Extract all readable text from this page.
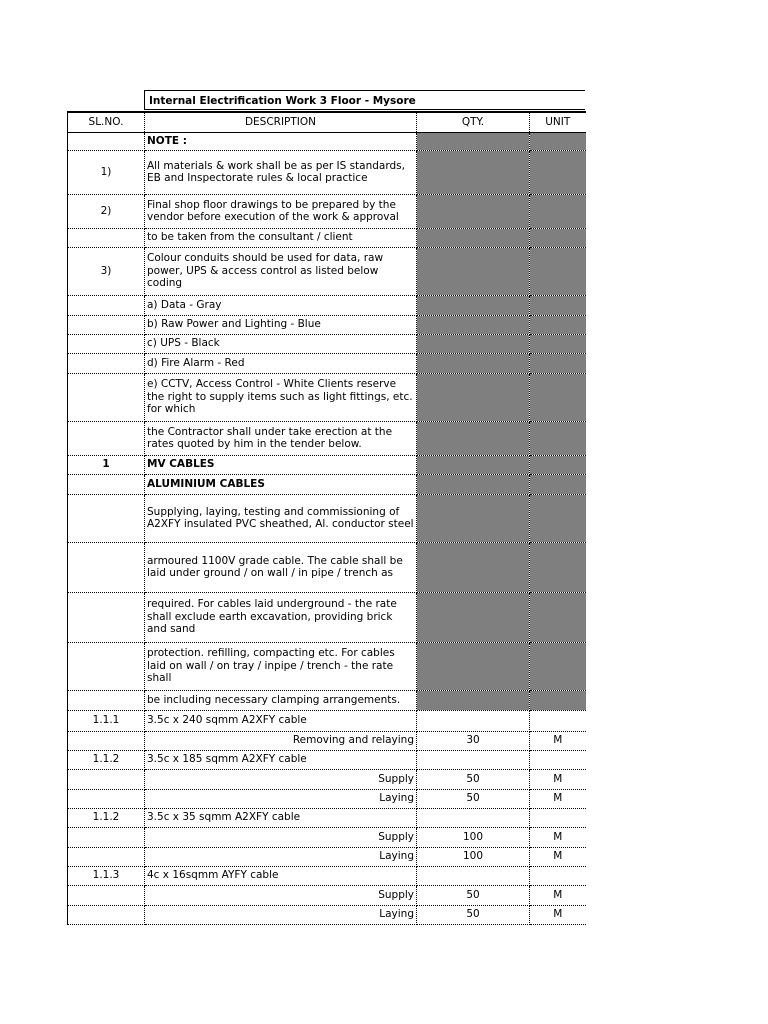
Internal Electrification Work 3 Floor - Mysore
SL.NO.	DESCRIPTION	QTY.	UNIT
	NOTE :		
1)	All materials & work shall be as per IS standards, EB and Inspectorate rules & local practice		
2)	Final shop floor drawings to be prepared by the vendor before execution of the work & approval		
	to be taken from the consultant / client		
3)	Colour conduits should be used for data, raw power, UPS & access control as listed below coding		
	a) Data - Gray		
	b) Raw Power and Lighting - Blue		
	c) UPS - Black		
	d) Fire Alarm - Red		
	e) CCTV, Access Control - White Clients reserve the right to supply items such as light fittings, etc. for which		
	the Contractor shall under take erection at the rates quoted by him in the tender below.		
1	MV CABLES		
	ALUMINIUM CABLES		
	Supplying, laying, testing and commissioning of A2XFY insulated PVC sheathed, Al. conductor steel		
	armoured 1100V grade cable. The cable shall be laid under ground / on wall / in pipe / trench as		
	required. For cables laid underground - the rate shall exclude earth excavation, providing brick and sand		
	protection. refilling, compacting etc. For cables laid on wall / on tray / inpipe / trench - the rate shall		
	be including necessary clamping arrangements.		
1.1.1	3.5c x 240 sqmm A2XFY cable		
	Removing and relaying	30	M
1.1.2	3.5c x 185 sqmm A2XFY cable		
	Supply	50	M
	Laying	50	M
1.1.2	3.5c x 35 sqmm A2XFY cable		
	Supply	100	M
	Laying	100	M
1.1.3	4c x 16sqmm AYFY cable		
	Supply	50	M
	Laying	50	M
